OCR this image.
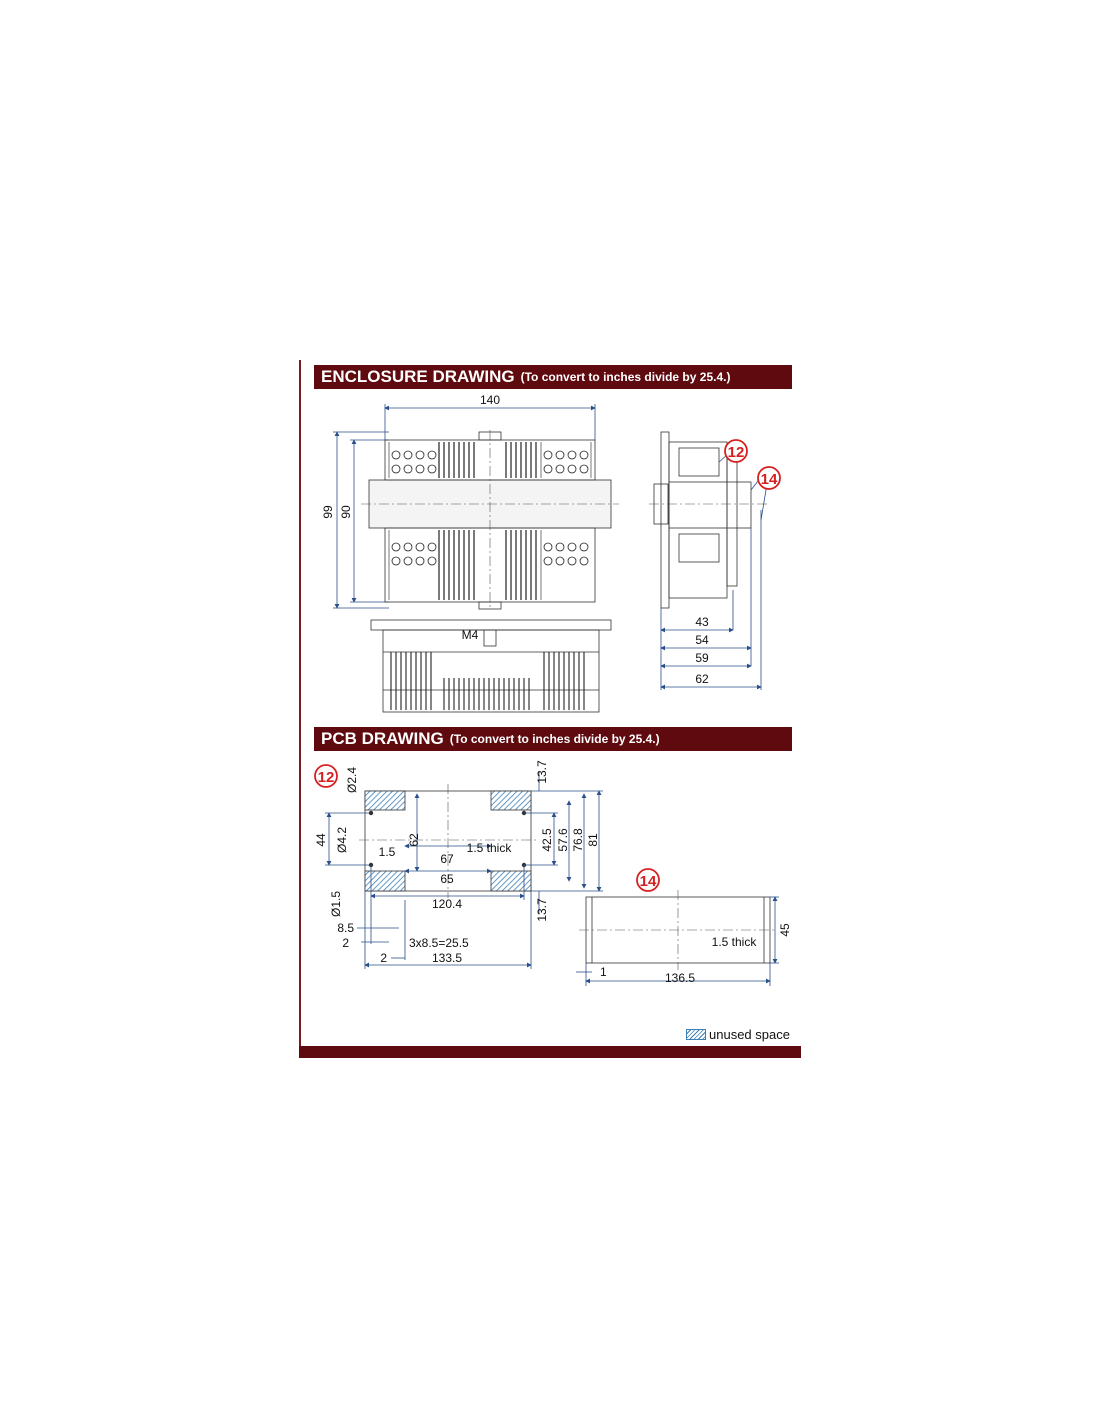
ENCLOSURE DRAWING (To convert to inches divide by 25.4.)
PCB DRAWING (To convert to inches divide by 25.4.)
140
99 90
M4
43
54
59
62
12
14
Ø2.4
44 Ø4.2 1.5
62
67
1.5 thick
65
Ø1.5	120.4
13.7
13.7
42.5 57.6 76.8 81
8.5
2	3x8.5=25.5
2	133.5
1.5 thick
45
1	136.5
12
14
unused space
